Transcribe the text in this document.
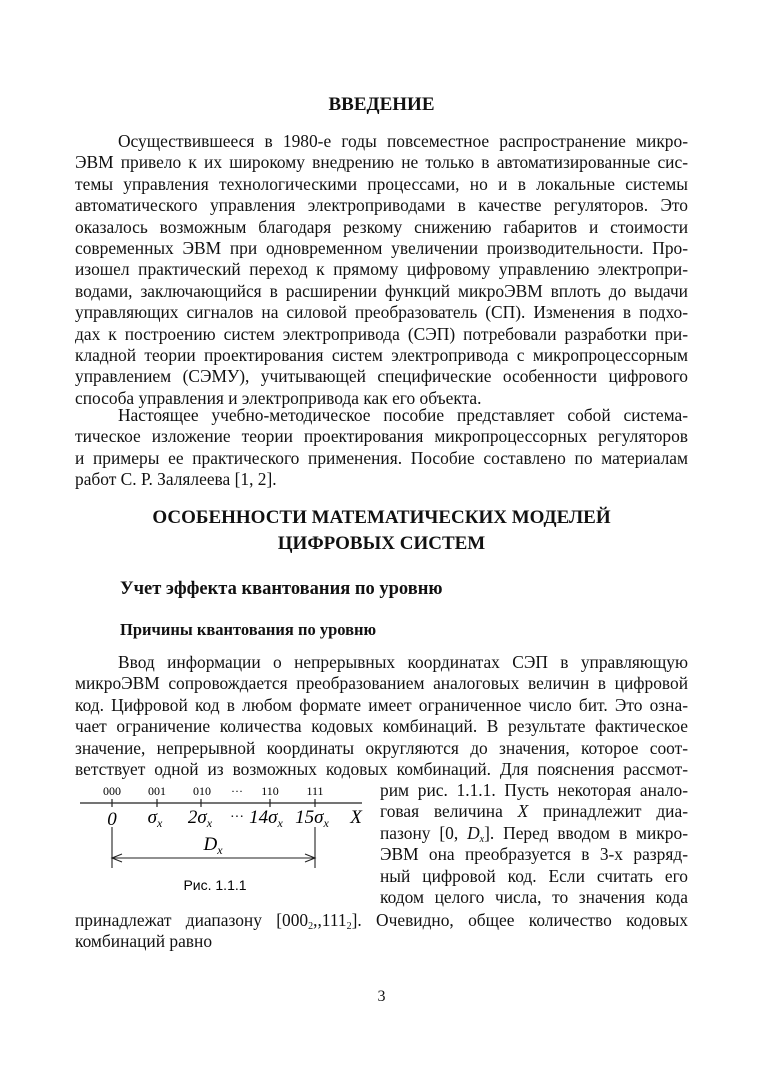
ВВЕДЕНИЕ
Осуществившееся в 1980-е годы повсеместное распространение микро-
ЭВМ привело к их широкому внедрению не только в автоматизированные сис-
темы управления технологическими процессами, но и в локальные системы
автоматического управления электроприводами в качестве регуляторов. Это
оказалось возможным благодаря резкому снижению габаритов и стоимости
современных ЭВМ при одновременном увеличении производительности. Про-
изошел практический переход к прямому цифровому управлению электропри-
водами, заключающийся в расширении функций микроЭВМ вплоть до выдачи
управляющих сигналов на силовой преобразователь (СП). Изменения в подхо-
дах к построению систем электропривода (СЭП) потребовали разработки при-
кладной теории проектирования систем электропривода с микропроцессорным
управлением (СЭМУ), учитывающей специфические особенности цифрового
способа управления и электропривода как его объекта.
Настоящее учебно-методическое пособие представляет собой система-
тическое изложение теории проектирования микропроцессорных регуляторов
и примеры ее практического применения. Пособие составлено по материалам
работ С. Р. Залялеева [1, 2].
ОСОБЕННОСТИ МАТЕМАТИЧЕСКИХ МОДЕЛЕЙ
ЦИФРОВЫХ СИСТЕМ
Учет эффекта квантования по уровню
Причины квантования по уровню
Ввод информации о непрерывных координатах СЭП в управляющую
микроЭВМ сопровождается преобразованием аналоговых величин в цифровой
код. Цифровой код в любом формате имеет ограниченное число бит. Это озна-
чает ограничение количества кодовых комбинаций. В результате фактическое
значение, непрерывной координаты округляются до значения, которое соот-
ветствует одной из возможных кодовых комбинаций. Для пояснения рассмот-
рим рис. 1.1.1. Пусть некоторая анало-
говая величина X принадлежит диа-
пазону [0, $D_x$]. Перед вводом в микро-
ЭВМ она преобразуется в 3-х разряд-
ный цифровой код. Если считать его
кодом целого числа, то значения кода
принадлежат диапазону $[000_2,,111_2]$. Очевидно, общее количество кодовых
комбинаций равно
000 001 010 ··· 110 111
0 $\sigma_x$ $2\sigma_x$ ··· $14\sigma_x$ $15\sigma_x$ X
$D_x$
Рис. 1.1.1
3
